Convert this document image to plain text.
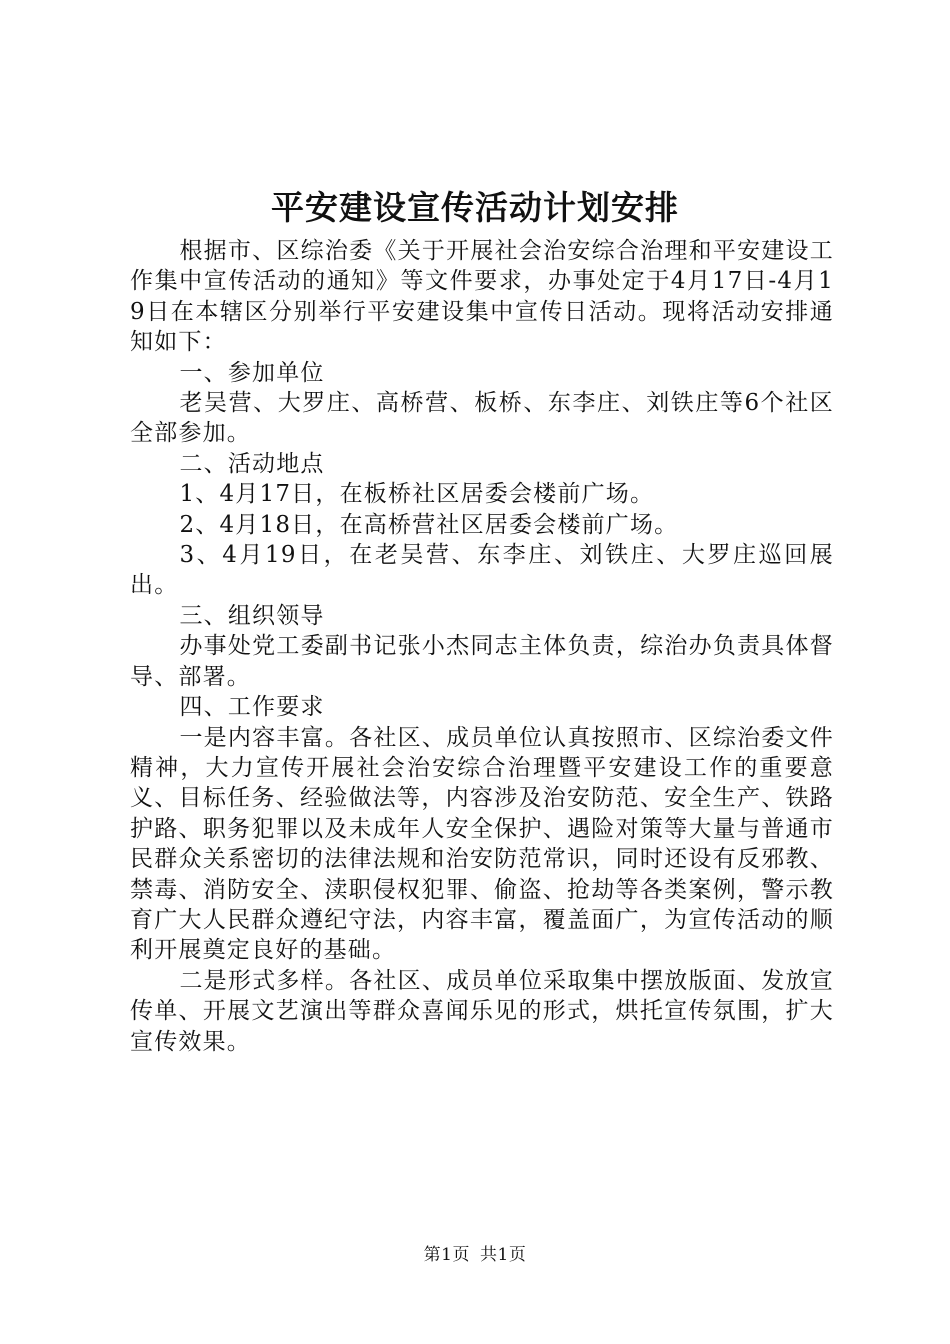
平安建设宣传活动计划安排

根据市、区综治委《关于开展社会治安综合治理和平安建设工作集中宣传活动的通知》等文件要求，办事处定于4月17日-4月19日在本辖区分别举行平安建设集中宣传日活动。现将活动安排通知如下：

一、参加单位

老吴营、大罗庄、高桥营、板桥、东李庄、刘铁庄等6个社区全部参加。

二、活动地点

1、4月17日，在板桥社区居委会楼前广场。

2、4月18日，在高桥营社区居委会楼前广场。

3、4月19日，在老吴营、东李庄、刘铁庄、大罗庄巡回展出。

三、组织领导

办事处党工委副书记张小杰同志主体负责，综治办负责具体督导、部署。

四、工作要求

一是内容丰富。各社区、成员单位认真按照市、区综治委文件精神，大力宣传开展社会治安综合治理暨平安建设工作的重要意义、目标任务、经验做法等，内容涉及治安防范、安全生产、铁路护路、职务犯罪以及未成年人安全保护、遇险对策等大量与普通市民群众关系密切的法律法规和治安防范常识，同时还设有反邪教、禁毒、消防安全、渎职侵权犯罪、偷盗、抢劫等各类案例，警示教育广大人民群众遵纪守法，内容丰富，覆盖面广，为宣传活动的顺利开展奠定良好的基础。

二是形式多样。各社区、成员单位采取集中摆放版面、发放宣传单、开展文艺演出等群众喜闻乐见的形式，烘托宣传氛围，扩大宣传效果。

第1页 共1页
